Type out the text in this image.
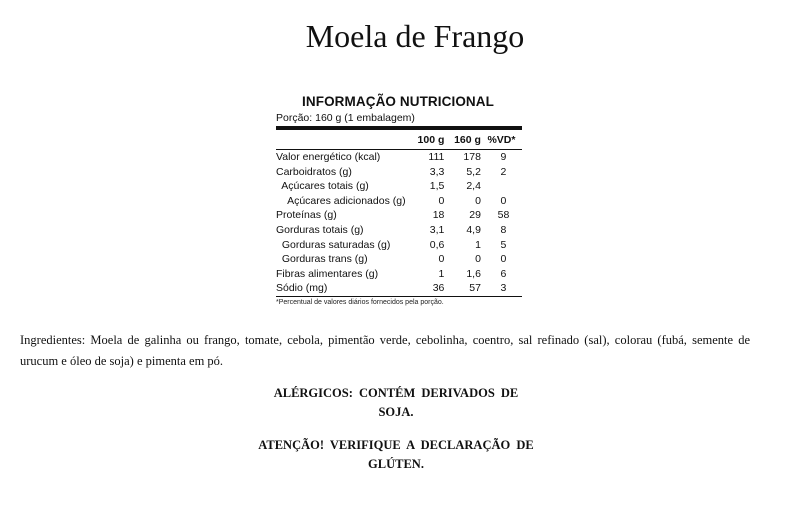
Moela de Frango
INFORMAÇÃO NUTRICIONAL
Porção: 160 g (1 embalagem)
	100 g	160 g	%VD*
Valor energético (kcal)	111	178	9
Carboidratos (g)	3,3	5,2	2
Açúcares totais (g)	1,5	2,4	
Açúcares adicionados (g)	0	0	0
Proteínas (g)	18	29	58
Gorduras totais (g)	3,1	4,9	8
Gorduras saturadas (g)	0,6	1	5
Gorduras trans (g)	0	0	0
Fibras alimentares (g)	1	1,6	6
Sódio (mg)	36	57	3
*Percentual de valores diários fornecidos pela porção.
Ingredientes: Moela de galinha ou frango, tomate, cebola, pimentão verde, cebolinha, coentro, sal refinado (sal), colorau (fubá, semente de urucum e óleo de soja) e pimenta em pó.
ALÉRGICOS: CONTÉM DERIVADOS DE SOJA.
ATENÇÃO! VERIFIQUE A DECLARAÇÃO DE GLÚTEN.
